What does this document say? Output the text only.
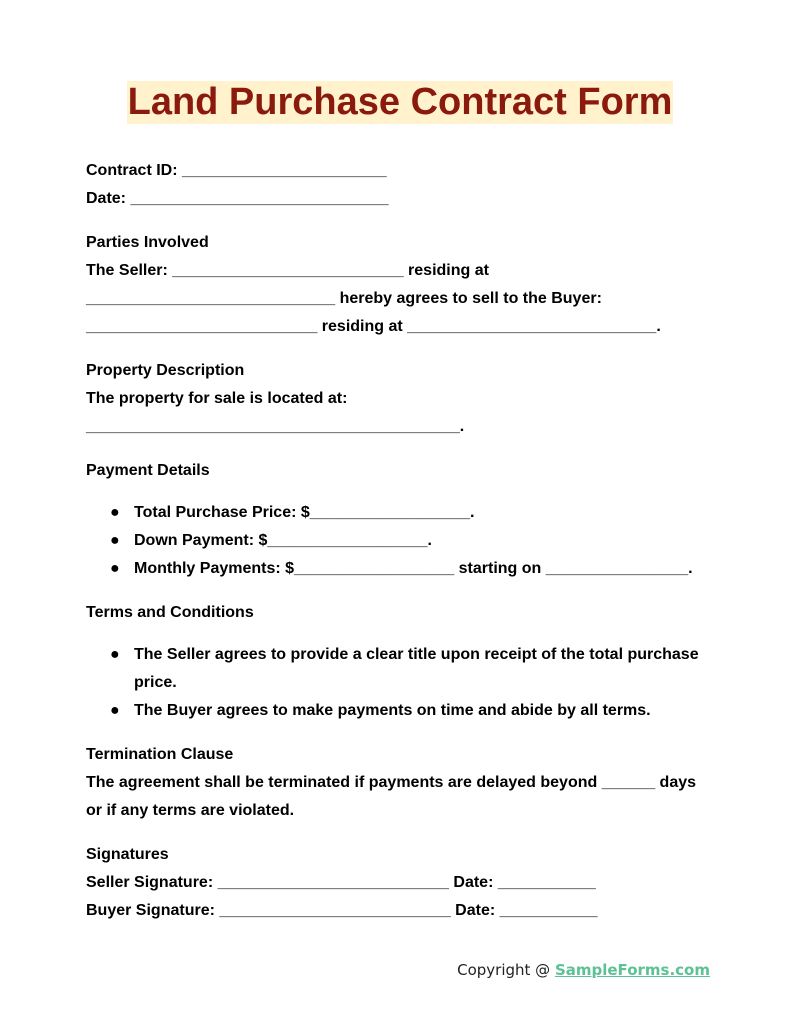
Land Purchase Contract Form

Contract ID: _______________________

Date: _____________________________

Parties Involved

The Seller: __________________________ residing at

____________________________ hereby agrees to sell to the Buyer:

__________________________ residing at ____________________________.

Property Description

The property for sale is located at:

__________________________________________.

Payment Details

● Total Purchase Price: $__________________.
● Down Payment: $__________________.
● Monthly Payments: $__________________ starting on ________________.

Terms and Conditions

● The Seller agrees to provide a clear title upon receipt of the total purchase price.
● The Buyer agrees to make payments on time and abide by all terms.

Termination Clause

The agreement shall be terminated if payments are delayed beyond ______ days or if any terms are violated.

Signatures

Seller Signature: __________________________ Date: ___________

Buyer Signature: __________________________ Date: ___________

Copyright @ SampleForms.com
